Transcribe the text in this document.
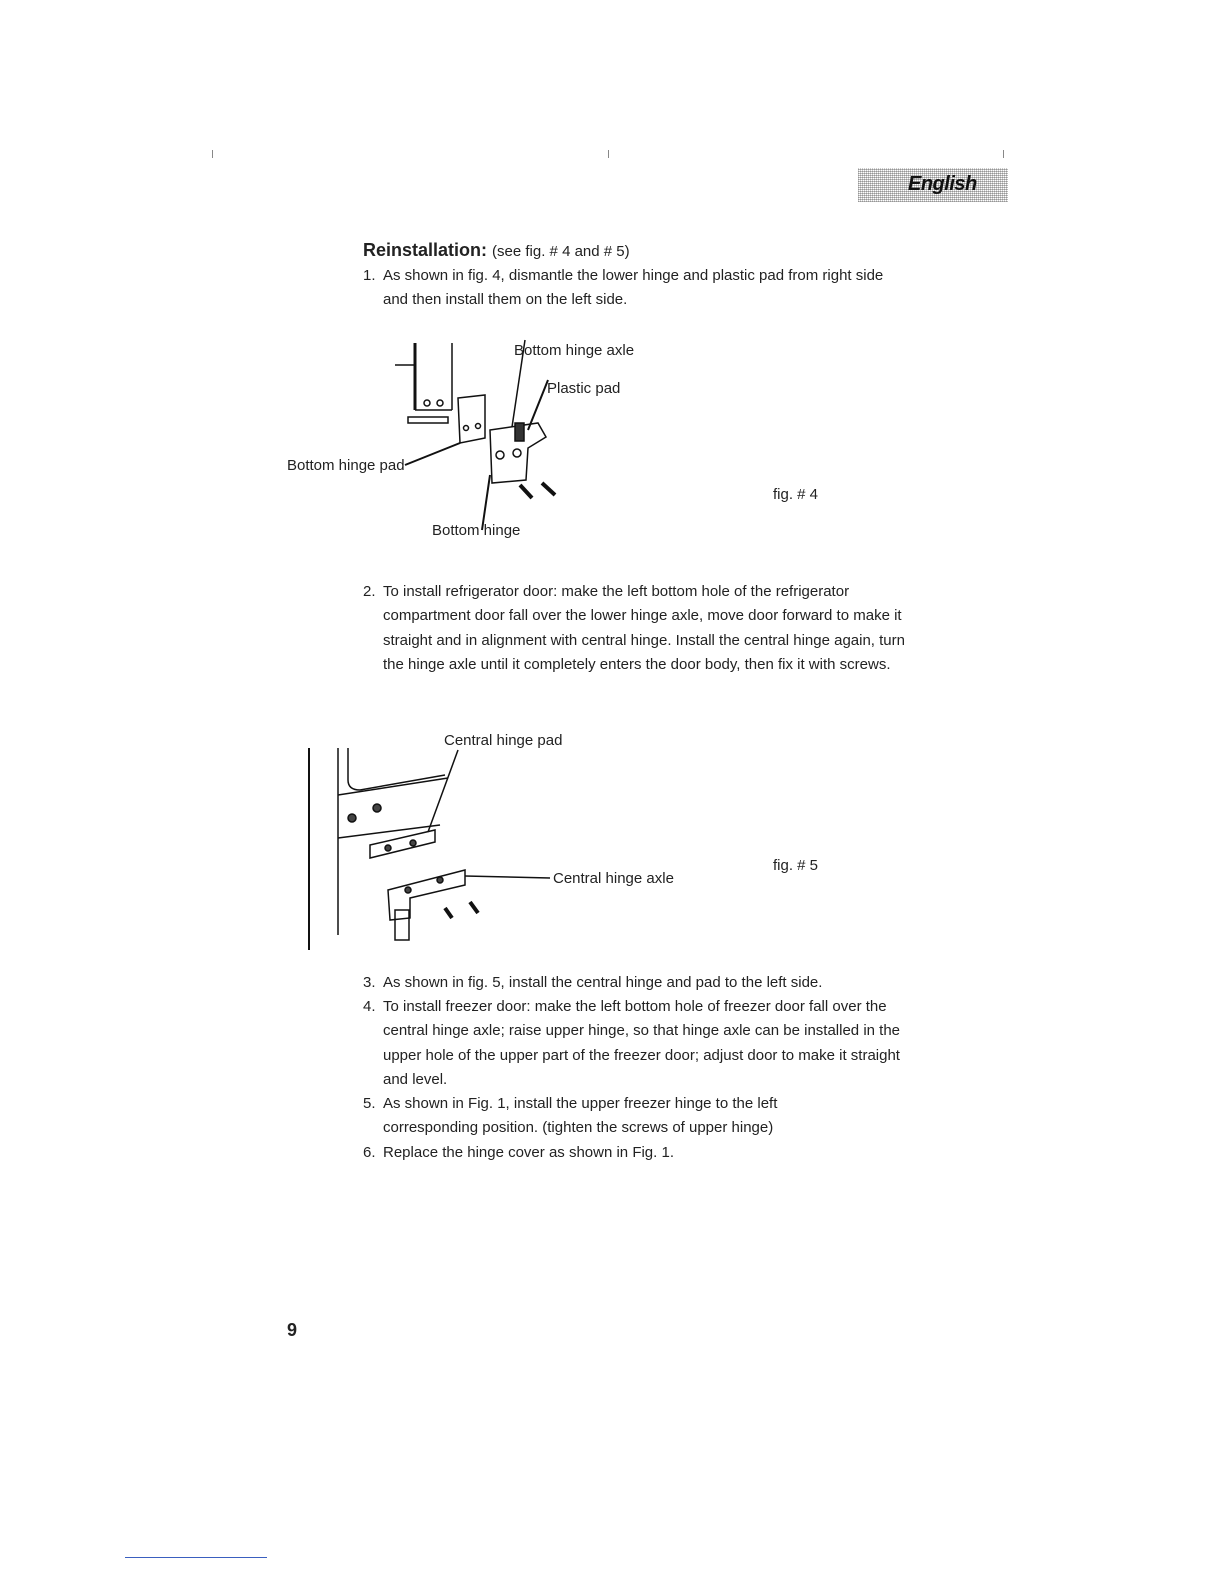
English
Reinstallation: (see fig. # 4 and # 5)
1. As shown in fig. 4, dismantle the lower hinge and plastic pad from right side and then install them on the left side.
Bottom hinge axle
Plastic pad
Bottom hinge pad
Bottom hinge
fig. # 4
2. To install refrigerator door: make the left bottom hole of the refrigerator compartment door fall over the lower hinge axle, move door forward to make it straight and in alignment with central hinge. Install the central hinge again, turn the hinge axle until it completely enters the door body, then fix it with screws.
Central hinge pad
Central hinge axle
fig. # 5
3. As shown in fig. 5, install the central hinge and pad to the left side.
4. To install freezer door: make the left bottom hole of freezer door fall over the central hinge axle; raise upper hinge, so that hinge axle can be installed in the upper hole of the upper part of the freezer door; adjust door to make it straight and level.
5. As shown in Fig. 1, install the upper freezer hinge to the left corresponding position. (tighten the screws of upper hinge)
6. Replace the hinge cover as shown in Fig. 1.
9
